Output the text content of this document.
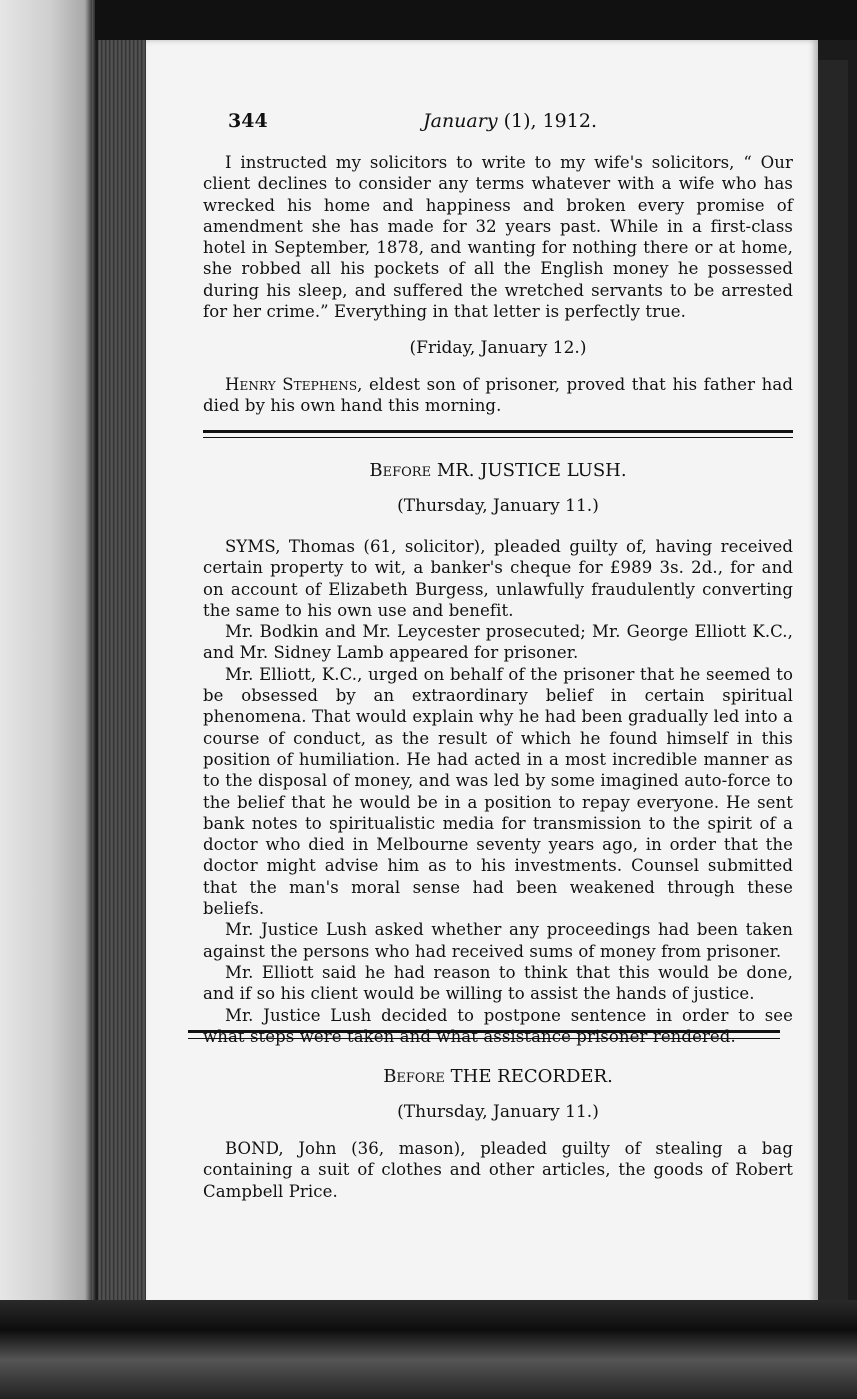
344	January (1), 1912.

I instructed my solicitors to write to my wife's solicitors, “ Our client declines to consider any terms whatever with a wife who has wrecked his home and happiness and broken every promise of amendment she has made for 32 years past. While in a first-class hotel in September, 1878, and wanting for nothing there or at home, she robbed all his pockets of all the English money he possessed during his sleep, and suffered the wretched servants to be arrested for her crime.” Everything in that letter is perfectly true.

(Friday, January 12.)

Henry Stephens, eldest son of prisoner, proved that his father had died by his own hand this morning.

Before MR. JUSTICE LUSH.
(Thursday, January 11.)

SYMS, Thomas (61, solicitor), pleaded guilty of, having received certain property to wit, a banker's cheque for £989 3s. 2d., for and on account of Elizabeth Burgess, unlawfully fraudulently converting the same to his own use and benefit.

Mr. Bodkin and Mr. Leycester prosecuted; Mr. George Elliott K.C., and Mr. Sidney Lamb appeared for prisoner.

Mr. Elliott, K.C., urged on behalf of the prisoner that he seemed to be obsessed by an extraordinary belief in certain spiritual phenomena. That would explain why he had been gradually led into a course of conduct, as the result of which he found himself in this position of humiliation. He had acted in a most incredible manner as to the disposal of money, and was led by some imagined auto-force to the belief that he would be in a position to repay everyone. He sent bank notes to spiritualistic media for transmission to the spirit of a doctor who died in Melbourne seventy years ago, in order that the doctor might advise him as to his investments. Counsel submitted that the man's moral sense had been weakened through these beliefs.

Mr. Justice Lush asked whether any proceedings had been taken against the persons who had received sums of money from prisoner.

Mr. Elliott said he had reason to think that this would be done, and if so his client would be willing to assist the hands of justice.

Mr. Justice Lush decided to postpone sentence in order to see what steps were taken and what assistance prisoner rendered.

Before THE RECORDER.
(Thursday, January 11.)

BOND, John (36, mason), pleaded guilty of stealing a bag containing a suit of clothes and other articles, the goods of Robert Campbell Price.
